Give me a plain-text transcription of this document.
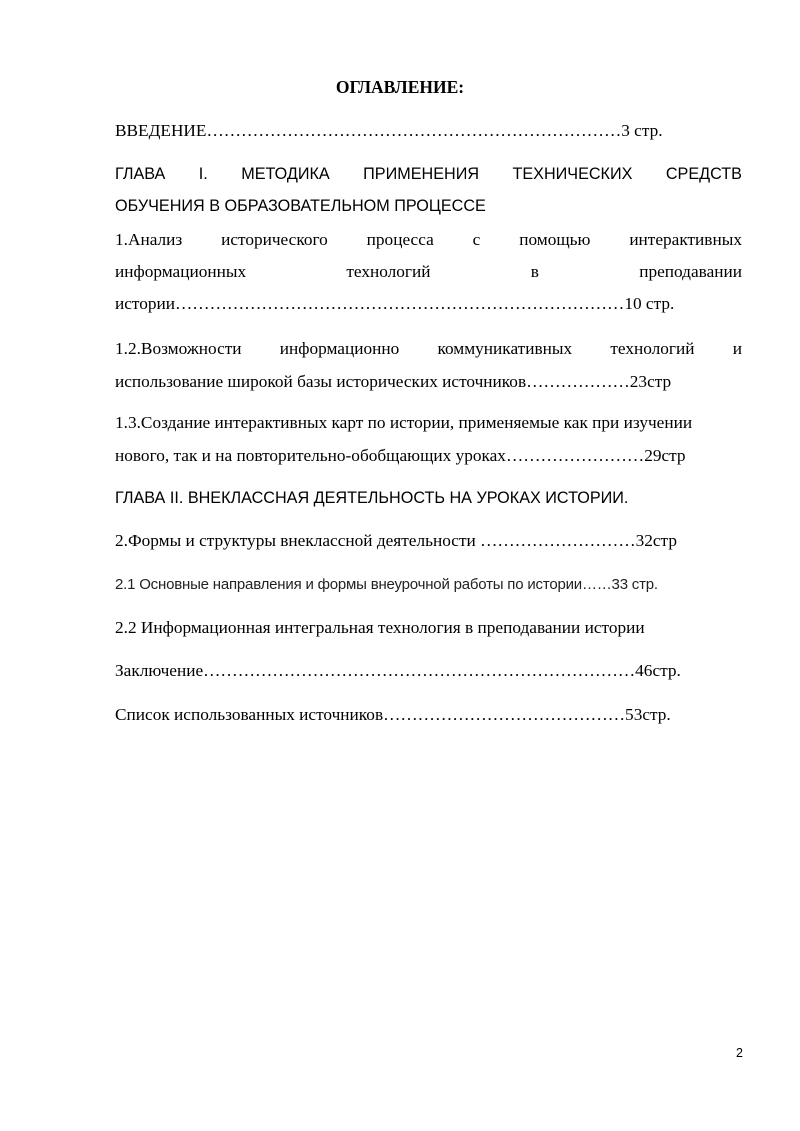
ОГЛАВЛЕНИЕ:
ВВЕДЕНИЕ………………………………………………………………3 стр.
ГЛАВА I. МЕТОДИКА ПРИМЕНЕНИЯ ТЕХНИЧЕСКИХ СРЕДСТВ
ОБУЧЕНИЯ В ОБРАЗОВАТЕЛЬНОМ ПРОЦЕССЕ
1.Анализ исторического процесса с помощью интерактивных
информационных	технологий	в	преподавании
истории……………………………………………………………………10 стр.
1.2.Возможности информационно коммуникативных технологий и
использование широкой базы исторических источников………………23стр
1.3.Создание интерактивных карт по истории, применяемые как при изучении
нового, так и на повторительно-обобщающих уроках……………………29стр
ГЛАВА II. ВНЕКЛАССНАЯ ДЕЯТЕЛЬНОСТЬ НА УРОКАХ ИСТОРИИ.
2.Формы и структуры внеклассной деятельности ………………………32стр
2.1 Основные направления и формы внеурочной работы по истории……33 стр.
2.2 Информационная интегральная технология в преподавании истории
Заключение…………………………………………………………………46стр.
Список использованных источников……………………………………53стр.
2
